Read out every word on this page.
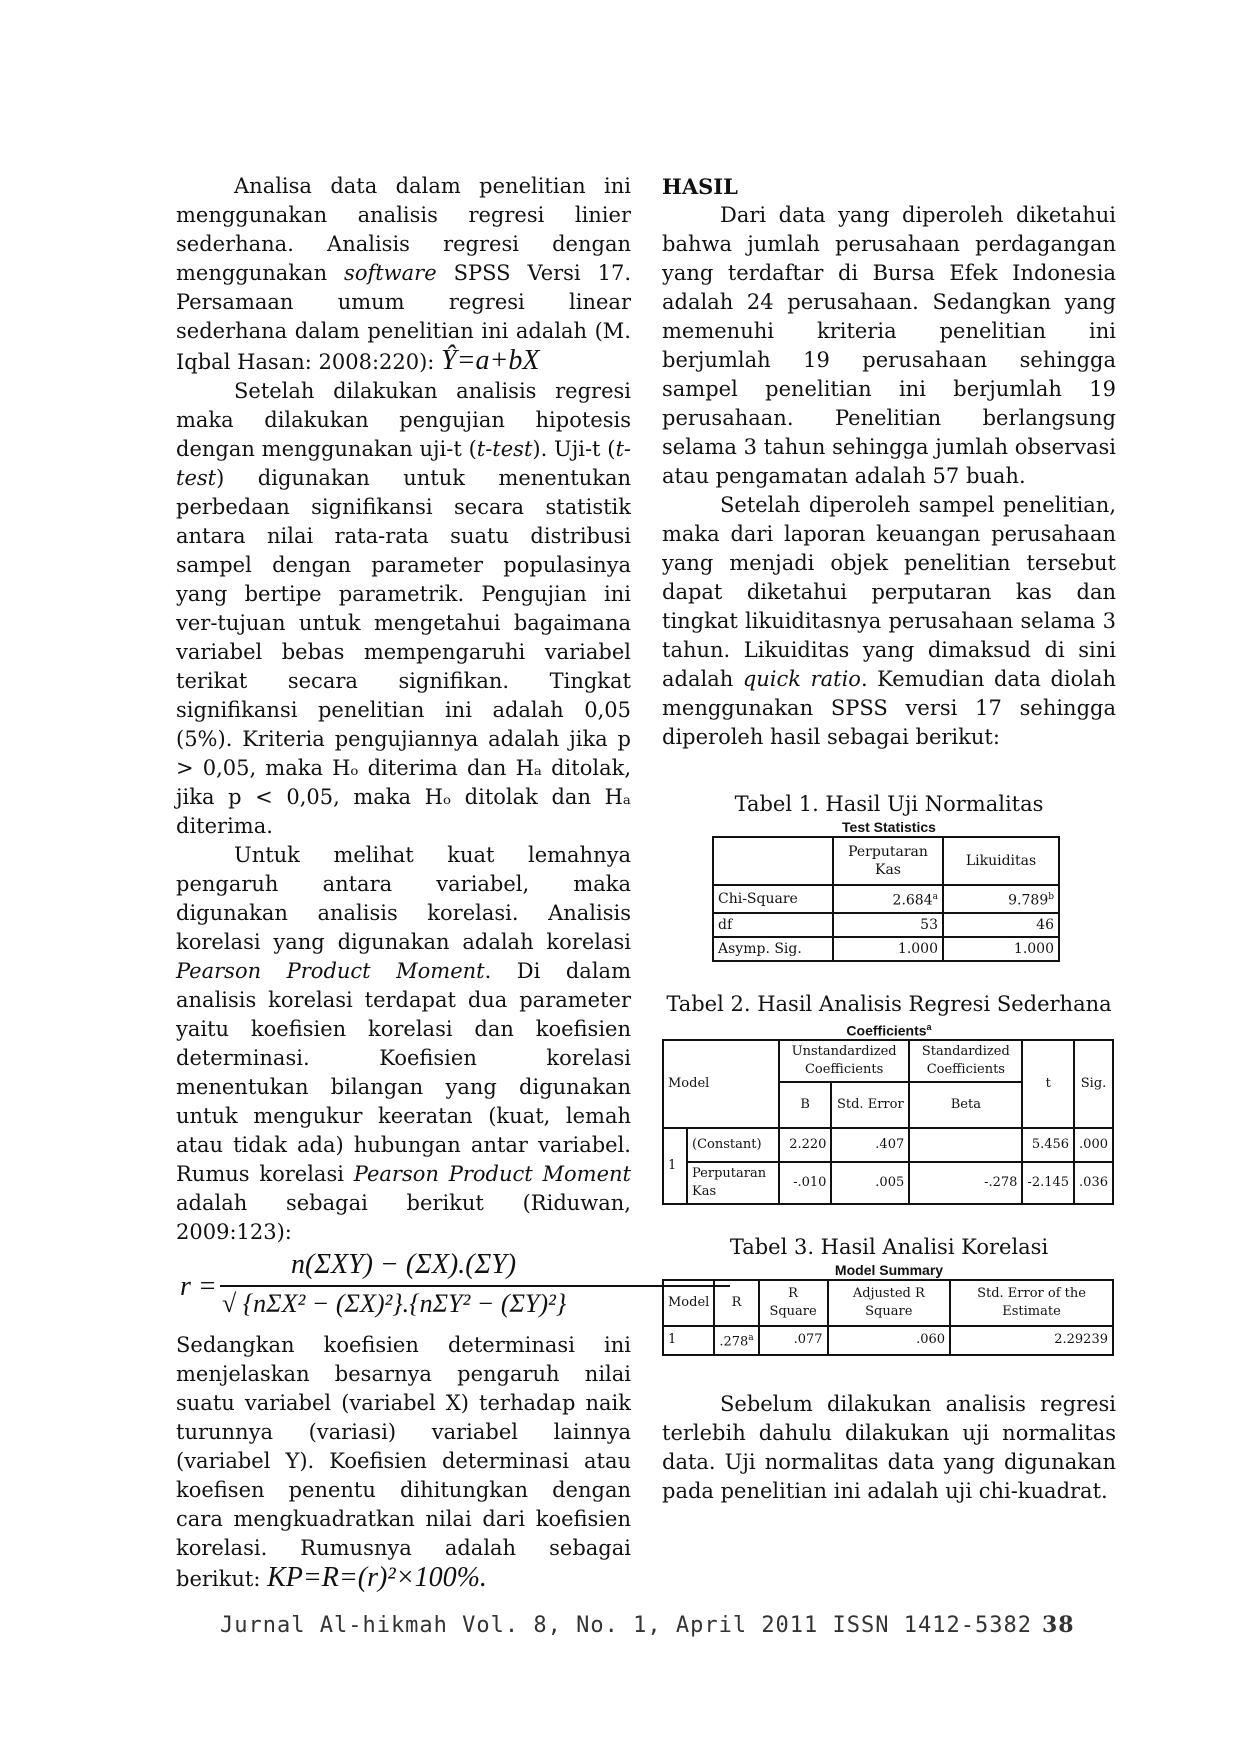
Analisa data dalam penelitian ini menggunakan analisis regresi linier sederhana. Analisis regresi dengan menggunakan software SPSS Versi 17. Persamaan umum regresi linear sederhana dalam penelitian ini adalah (M. Iqbal Hasan: 2008:220): Ŷ=a+bX

Setelah dilakukan analisis regresi maka dilakukan pengujian hipotesis dengan menggunakan uji-t (t-test). Uji-t (t-test) digunakan untuk menentukan perbedaan signifikansi secara statistik antara nilai rata-rata suatu distribusi sampel dengan parameter populasinya yang bertipe parametrik. Pengujian ini ver-tujuan untuk mengetahui bagaimana variabel bebas mempengaruhi variabel terikat secara signifikan. Tingkat signifikansi penelitian ini adalah 0,05 (5%). Kriteria pengujiannya adalah jika p > 0,05, maka Hₒ diterima dan Hₐ ditolak, jika p < 0,05, maka Hₒ ditolak dan Hₐ diterima.

Untuk melihat kuat lemahnya pengaruh antara variabel, maka digunakan analisis korelasi. Analisis korelasi yang digunakan adalah korelasi Pearson Product Moment. Di dalam analisis korelasi terdapat dua parameter yaitu koefisien korelasi dan koefisien determinasi. Koefisien korelasi menentukan bilangan yang digunakan untuk mengukur keeratan (kuat, lemah atau tidak ada) hubungan antar variabel. Rumus korelasi Pearson Product Moment adalah sebagai berikut (Riduwan, 2009:123):

r =
n(ΣXY) − (ΣX).(ΣY)
√ {nΣX² − (ΣX)²}.{nΣY² − (ΣY)²}

Sedangkan koefisien determinasi ini menjelaskan besarnya pengaruh nilai suatu variabel (variabel X) terhadap naik turunnya (variasi) variabel lainnya (variabel Y). Koefisien determinasi atau koefisen penentu dihitungkan dengan cara mengkuadratkan nilai dari koefisien korelasi. Rumusnya adalah sebagai berikut: KP=R=(r)²×100%.

HASIL

Dari data yang diperoleh diketahui bahwa jumlah perusahaan perdagangan yang terdaftar di Bursa Efek Indonesia adalah 24 perusahaan. Sedangkan yang memenuhi kriteria penelitian ini berjumlah 19 perusahaan sehingga sampel penelitian ini berjumlah 19 perusahaan. Penelitian berlangsung selama 3 tahun sehingga jumlah observasi atau pengamatan adalah 57 buah.

Setelah diperoleh sampel penelitian, maka dari laporan keuangan perusahaan yang menjadi objek penelitian tersebut dapat diketahui perputaran kas dan tingkat likuiditasnya perusahaan selama 3 tahun. Likuiditas yang dimaksud di sini adalah quick ratio. Kemudian data diolah menggunakan SPSS versi 17 sehingga diperoleh hasil sebagai berikut:

Tabel 1. Hasil Uji Normalitas

Test Statistics

	Perputaran Kas	Likuiditas
Chi-Square	2.684$^a$	9.789$^b$
df	53	46
Asymp. Sig.	1.000	1.000

Tabel 2. Hasil Analisis Regresi Sederhana

Coefficients$^a$

Model		Unstandardized Coefficients		Standardized Coefficients	t	Sig.
		B	Std. Error	Beta		
1	(Constant)	2.220	.407		5.456	.000
	Perputaran Kas	-.010	.005	-.278	-2.145	.036

Tabel 3. Hasil Analisi Korelasi

Model Summary

Model	R	R Square	Adjusted R Square	Std. Error of the Estimate
1	.278$^a$	.077	.060	2.29239

Sebelum dilakukan analisis regresi terlebih dahulu dilakukan uji normalitas data. Uji normalitas data yang digunakan pada penelitian ini adalah uji chi-kuadrat.

Jurnal Al-hikmah Vol. 8, No. 1, April 2011 ISSN 1412-5382 38
